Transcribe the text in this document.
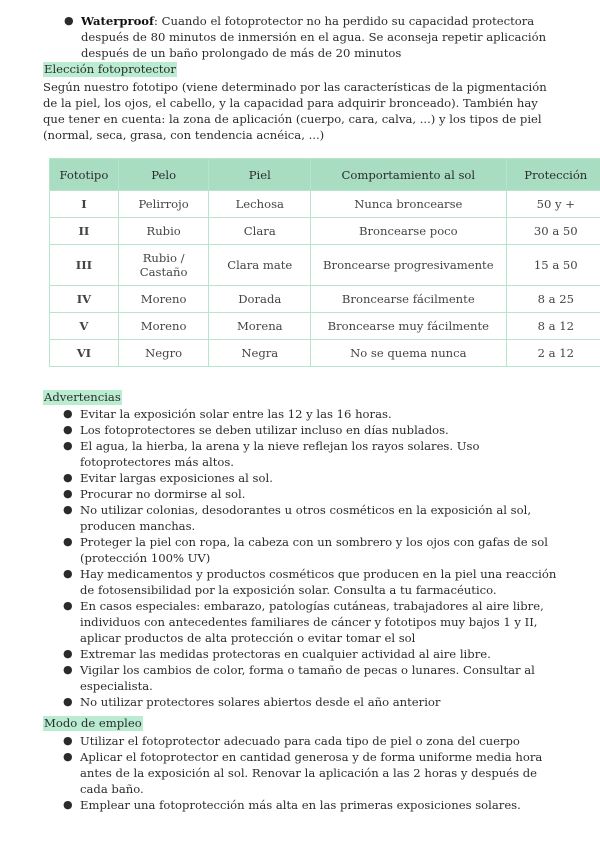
● Waterproof: Cuando el fotoprotector no ha perdido su capacidad protectora después de 80 minutos de inmersión en el agua. Se aconseja repetir aplicación después de un baño prolongado de más de 20 minutos
Elección fotoprotector
Según nuestro fototipo (viene determinado por las características de la pigmentación de la piel, los ojos, el cabello, y la capacidad para adquirir bronceado). También hay que tener en cuenta: la zona de aplicación (cuerpo, cara, calva, ...) y los tipos de piel (normal, seca, grasa, con tendencia acnéica, ...)
Fototipo	Pelo	Piel	Comportamiento al sol	Protección
I	Pelirrojo	Lechosa	Nunca broncearse	50 y +
II	Rubio	Clara	Broncearse poco	30 a 50
III	Rubio / Castaño	Clara mate	Broncearse progresivamente	15 a 50
IV	Moreno	Dorada	Broncearse fácilmente	8 a 25
V	Moreno	Morena	Broncearse muy fácilmente	8 a 12
VI	Negro	Negra	No se quema nunca	2 a 12
Advertencias
● Evitar la exposición solar entre las 12 y las 16 horas.
● Los fotoprotectores se deben utilizar incluso en días nublados.
● El agua, la hierba, la arena y la nieve reflejan los rayos solares. Uso fotoprotectores más altos.
● Evitar largas exposiciones al sol.
● Procurar no dormirse al sol.
● No utilizar colonias, desodorantes u otros cosméticos en la exposición al sol, producen manchas.
● Proteger la piel con ropa, la cabeza con un sombrero y los ojos con gafas de sol (protección 100% UV)
● Hay medicamentos y productos cosméticos que producen en la piel una reacción de fotosensibilidad por la exposición solar. Consulta a tu farmacéutico.
● En casos especiales: embarazo, patologías cutáneas, trabajadores al aire libre, individuos con antecedentes familiares de cáncer y fototipos muy bajos 1 y II, aplicar productos de alta protección o evitar tomar el sol
● Extremar las medidas protectoras en cualquier actividad al aire libre.
● Vigilar los cambios de color, forma o tamaño de pecas o lunares. Consultar al especialista.
● No utilizar protectores solares abiertos desde el año anterior
Modo de empleo
● Utilizar el fotoprotector adecuado para cada tipo de piel o zona del cuerpo
● Aplicar el fotoprotector en cantidad generosa y de forma uniforme media hora antes de la exposición al sol. Renovar la aplicación a las 2 horas y después de cada baño.
● Emplear una fotoprotección más alta en las primeras exposiciones solares.
